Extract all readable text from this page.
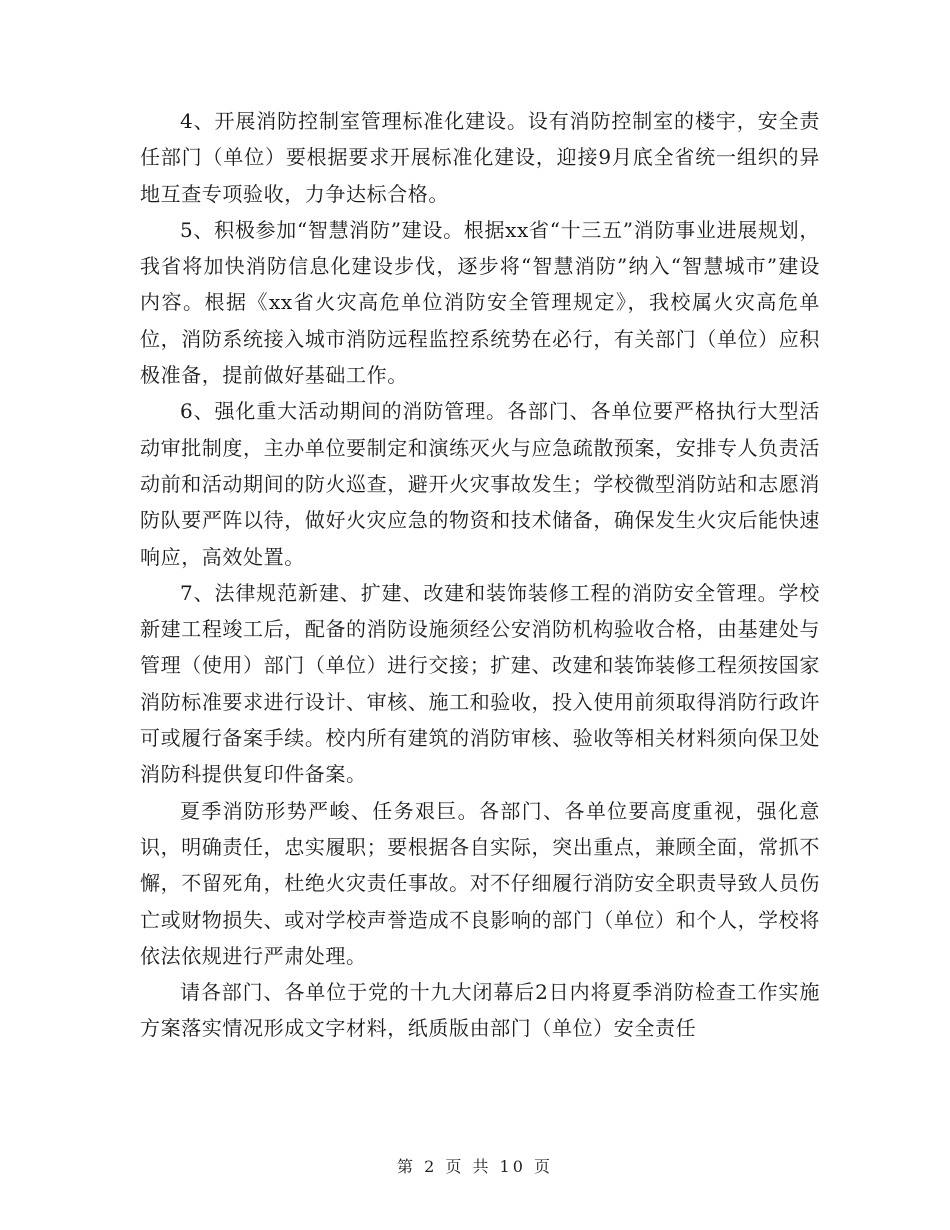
4、开展消防控制室管理标准化建设。设有消防控制室的楼宇，安全责任部门（单位）要根据要求开展标准化建设，迎接9月底全省统一组织的异地互查专项验收，力争达标合格。

5、积极参加“智慧消防”建设。根据xx省“十三五”消防事业进展规划，我省将加快消防信息化建设步伐，逐步将“智慧消防”纳入“智慧城市”建设内容。根据《xx省火灾高危单位消防安全管理规定》，我校属火灾高危单位，消防系统接入城市消防远程监控系统势在必行，有关部门（单位）应积极准备，提前做好基础工作。

6、强化重大活动期间的消防管理。各部门、各单位要严格执行大型活动审批制度，主办单位要制定和演练灭火与应急疏散预案，安排专人负责活动前和活动期间的防火巡查，避开火灾事故发生；学校微型消防站和志愿消防队要严阵以待，做好火灾应急的物资和技术储备，确保发生火灾后能快速响应，高效处置。

7、法律规范新建、扩建、改建和装饰装修工程的消防安全管理。学校新建工程竣工后，配备的消防设施须经公安消防机构验收合格，由基建处与管理（使用）部门（单位）进行交接；扩建、改建和装饰装修工程须按国家消防标准要求进行设计、审核、施工和验收，投入使用前须取得消防行政许可或履行备案手续。校内所有建筑的消防审核、验收等相关材料须向保卫处消防科提供复印件备案。

夏季消防形势严峻、任务艰巨。各部门、各单位要高度重视，强化意识，明确责任，忠实履职；要根据各自实际，突出重点，兼顾全面，常抓不懈，不留死角，杜绝火灾责任事故。对不仔细履行消防安全职责导致人员伤亡或财物损失、或对学校声誉造成不良影响的部门（单位）和个人，学校将依法依规进行严肃处理。

请各部门、各单位于党的十九大闭幕后2日内将夏季消防检查工作实施方案落实情况形成文字材料，纸质版由部门（单位）安全责任

第 2 页 共 10 页
